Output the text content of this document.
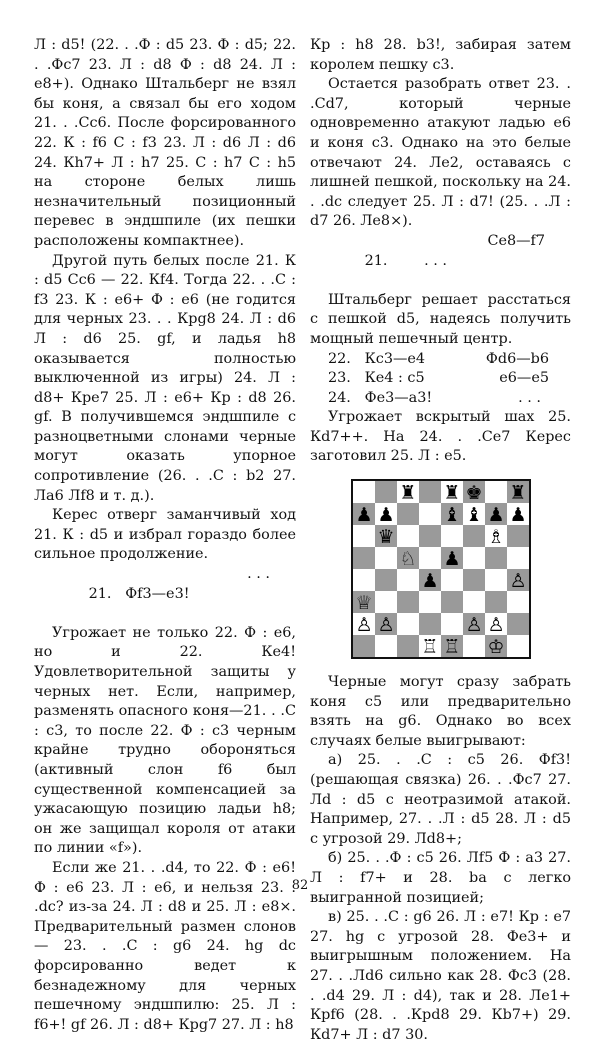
Л : d5! (22. . .Ф : d5 23. Ф : d5; 22. . .Фc7 23. Л : d8 Ф : d8 24. Л : e8+). Однако Штальберг не взял бы коня, а связал бы его ходом 21. . .Сc6. После форсированного 22. К : f6 С : f3 23. Л : d6 Л : d6 24. Кh7+ Л : h7 25. С : h7 С : h5 на стороне белых лишь незначительный позиционный перевес в эндшпиле (их пешки расположены компактнее).

Другой путь белых после 21. К : d5 Сc6 — 22. Кf4. Тогда 22. . .С : f3 23. К : e6+ Ф : e6 (не годится для черных 23. . . Крg8 24. Л : d6 Л : d6 25. gf, и ладья h8 оказывается полностью выключенной из игры) 24. Л : d8+ Крe7 25. Л : e6+ Кр : d8 26. gf. В получившемся эндшпиле с разноцветными слонами черные могут оказать упорное сопротивление (26. . .С : b2 27. Лa6 Лf8 и т. д.).

Керес отверг заманчивый ход 21. К : d5 и избрал гораздо более сильное продолжение.

21. Фf3—e3!

. . .

Угрожает не только 22. Ф : e6, но и 22. Кe4! Удовлетворительной защиты у черных нет. Если, например, разменять опасного коня—21. . .С : c3, то после 22. Ф : c3 черным крайне трудно обороняться (активный слон f6 был существенной компенсацией за ужасающую позицию ладьи h8; он же защищал короля от атаки по линии «f»).

Если же 21. . .d4, то 22. Ф : e6! Ф : e6 23. Л : e6, и нельзя 23. . .dc? из-за 24. Л : d8 и 25. Л : e8×. Предварительный размен слонов — 23. . .С : g6 24. hg dc форсированно ведет к безнадежному для черных пешечному эндшпилю: 25. Л : f6+! gf 26. Л : d8+ Крg7 27. Л : h8

Кр : h8 28. b3!, забирая затем королем пешку c3.

Остается разобрать ответ 23. . .Сd7, который черные одновременно атакуют ладью e6 и коня c3. Однако на это белые отвечают 24. Лe2, оставаясь с лишней пешкой, поскольку на 24. . .dc следует 25. Л : d7! (25. . .Л : d7 26. Лe8×).

21.	. . .

Сe8—f7

Штальберг решает расстаться с пешкой d5, надеясь получить мощный пешечный центр.

22. Кc3—e4	Фd6—b6
23. Кe4 : c5	e6—e5
24. Фe3—a3!	. . .

Угрожает вскрытый шах 25. Кd7++. На 24. . .Сe7 Керес заготовил 25. Л : e5.

♜ ♜ ♚ ♜
♟ ♟	♝ ♝ ♟ ♟
♛	♗
♘ ♟
♟	♙
♕
♙ ♙	♙ ♙
♖ ♖ ♔

Черные могут сразу забрать коня c5 или предварительно взять на g6. Однако во всех случаях белые выигрывают:

а) 25. . .С : c5 26. Фf3! (решающая связка) 26. . .Фc7 27. Лd : d5 с неотразимой атакой. Например, 27. . .Л : d5 28. Л : d5 с угрозой 29. Лd8+;

б) 25. . .Ф : c5 26. Лf5 Ф : a3 27. Л : f7+ и 28. ba с легко выигранной позицией;

в) 25. . .С : g6 26. Л : e7! Кр : e7 27. hg с угрозой 28. Фe3+ и выигрышным положением. На 27. . .Лd6 сильно как 28. Фc3 (28. . .d4 29. Л : d4), так и 28. Лe1+ Крf6 (28. . .Крd8 29. Кb7+) 29. Кd7+ Л : d7 30.

82
